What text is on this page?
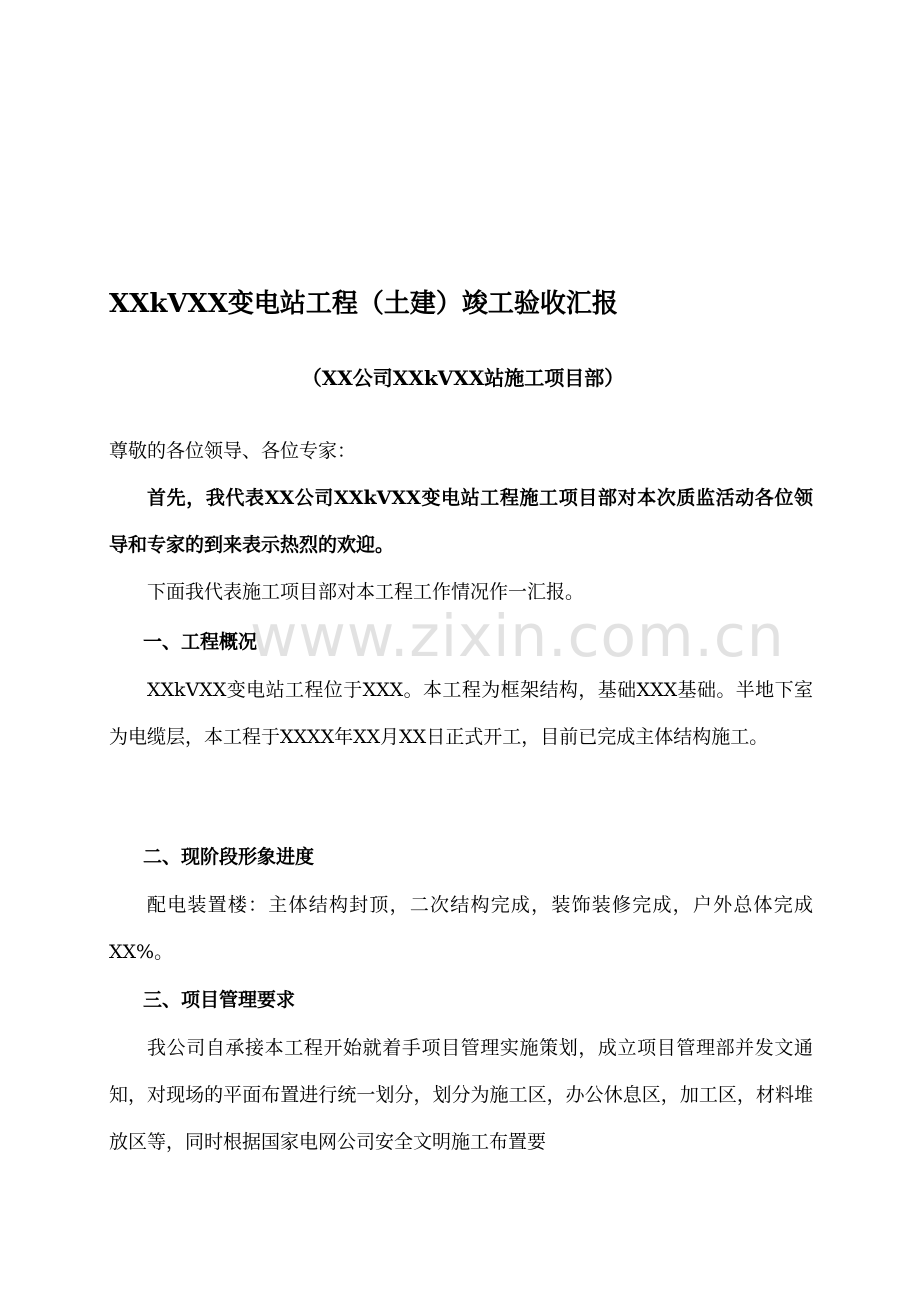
XXkVXX变电站工程（土建）竣工验收汇报
（XX公司XXkVXX站施工项目部）
尊敬的各位领导、各位专家：

首先，我代表XX公司XXkVXX变电站工程施工项目部对本次质监活动各位领导和专家的到来表示热烈的欢迎。

下面我代表施工项目部对本工程工作情况作一汇报。

一、工程概况

XXkVXX变电站工程位于XXX。本工程为框架结构，基础XXX基础。半地下室为电缆层，本工程于XXXX年XX月XX日正式开工，目前已完成主体结构施工。

二、现阶段形象进度

配电装置楼：主体结构封顶，二次结构完成，装饰装修完成，户外总体完成XX%。

三、项目管理要求

我公司自承接本工程开始就着手项目管理实施策划，成立项目管理部并发文通知，对现场的平面布置进行统一划分，划分为施工区，办公休息区，加工区，材料堆放区等，同时根据国家电网公司安全文明施工布置要

www.zixin.com.cn
